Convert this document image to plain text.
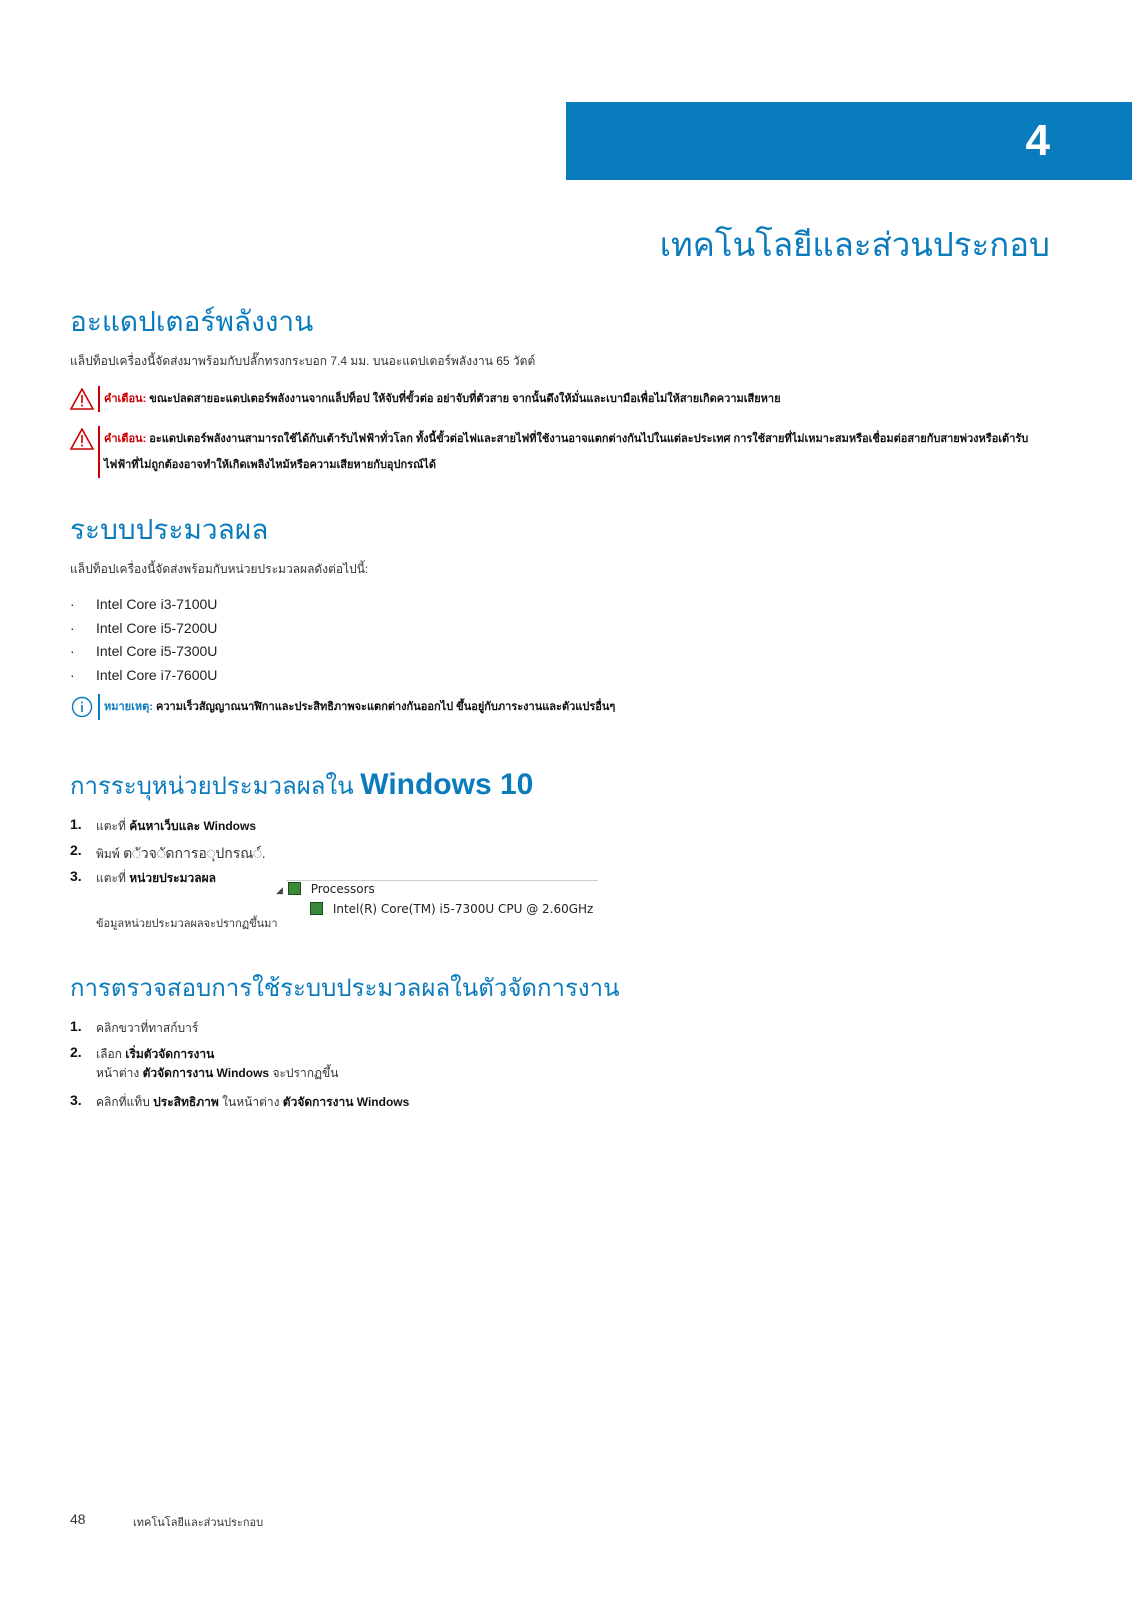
4
เทคโนโลยีและส่วนประกอบ
อะแดปเตอร์พลังงาน
แล็ปท็อปเครื่องนี้จัดส่งมาพร้อมกับปลั๊กทรงกระบอก 7.4 มม. บนอะแดปเตอร์พลังงาน 65 วัตต์
คำเตือน: ขณะปลดสายอะแดปเตอร์พลังงานจากแล็ปท็อป ให้จับที่ขั้วต่อ อย่าจับที่ตัวสาย จากนั้นดึงให้มั่นและเบามือเพื่อไม่ให้สายเกิดความเสียหาย
คำเตือน: อะแดปเตอร์พลังงานสามารถใช้ได้กับเต้ารับไฟฟ้าทั่วโลก ทั้งนี้ขั้วต่อไฟและสายไฟที่ใช้งานอาจแตกต่างกันไปในแต่ละประเทศ การใช้สายที่ไม่เหมาะสมหรือเชื่อมต่อสายกับสายพ่วงหรือเต้ารับไฟฟ้าที่ไม่ถูกต้องอาจทำให้เกิดเพลิงไหม้หรือความเสียหายกับอุปกรณ์ได้
ระบบประมวลผล
แล็ปท็อปเครื่องนี้จัดส่งพร้อมกับหน่วยประมวลผลดังต่อไปนี้:
·	Intel Core i3-7100U
·	Intel Core i5-7200U
·	Intel Core i5-7300U
·	Intel Core i7-7600U
หมายเหตุ: ความเร็วสัญญาณนาฬิกาและประสิทธิภาพจะแตกต่างกันออกไป ขึ้นอยู่กับภาระงานและตัวแปรอื่นๆ
การระบุหน่วยประมวลผลใน Windows 10
1. แตะที่ ค้นหาเว็บและ Windows
2. พิมพ์ ต◌ัวจ◌ัดการอ◌ุปกรณ◌์.
3. แตะที่ หน่วยประมวลผล
ข้อมูลหน่วยประมวลผลจะปรากฏขึ้นมา
◢ Processors
Intel(R) Core(TM) i5-7300U CPU @ 2.60GHz
การตรวจสอบการใช้ระบบประมวลผลในตัวจัดการงาน
1. คลิกขวาที่ทาสก์บาร์
2. เลือก เริ่มตัวจัดการงาน
หน้าต่าง ตัวจัดการงาน Windows จะปรากฏขึ้น
3. คลิกที่แท็บ ประสิทธิภาพ ในหน้าต่าง ตัวจัดการงาน Windows
48	เทคโนโลยีและส่วนประกอบ
